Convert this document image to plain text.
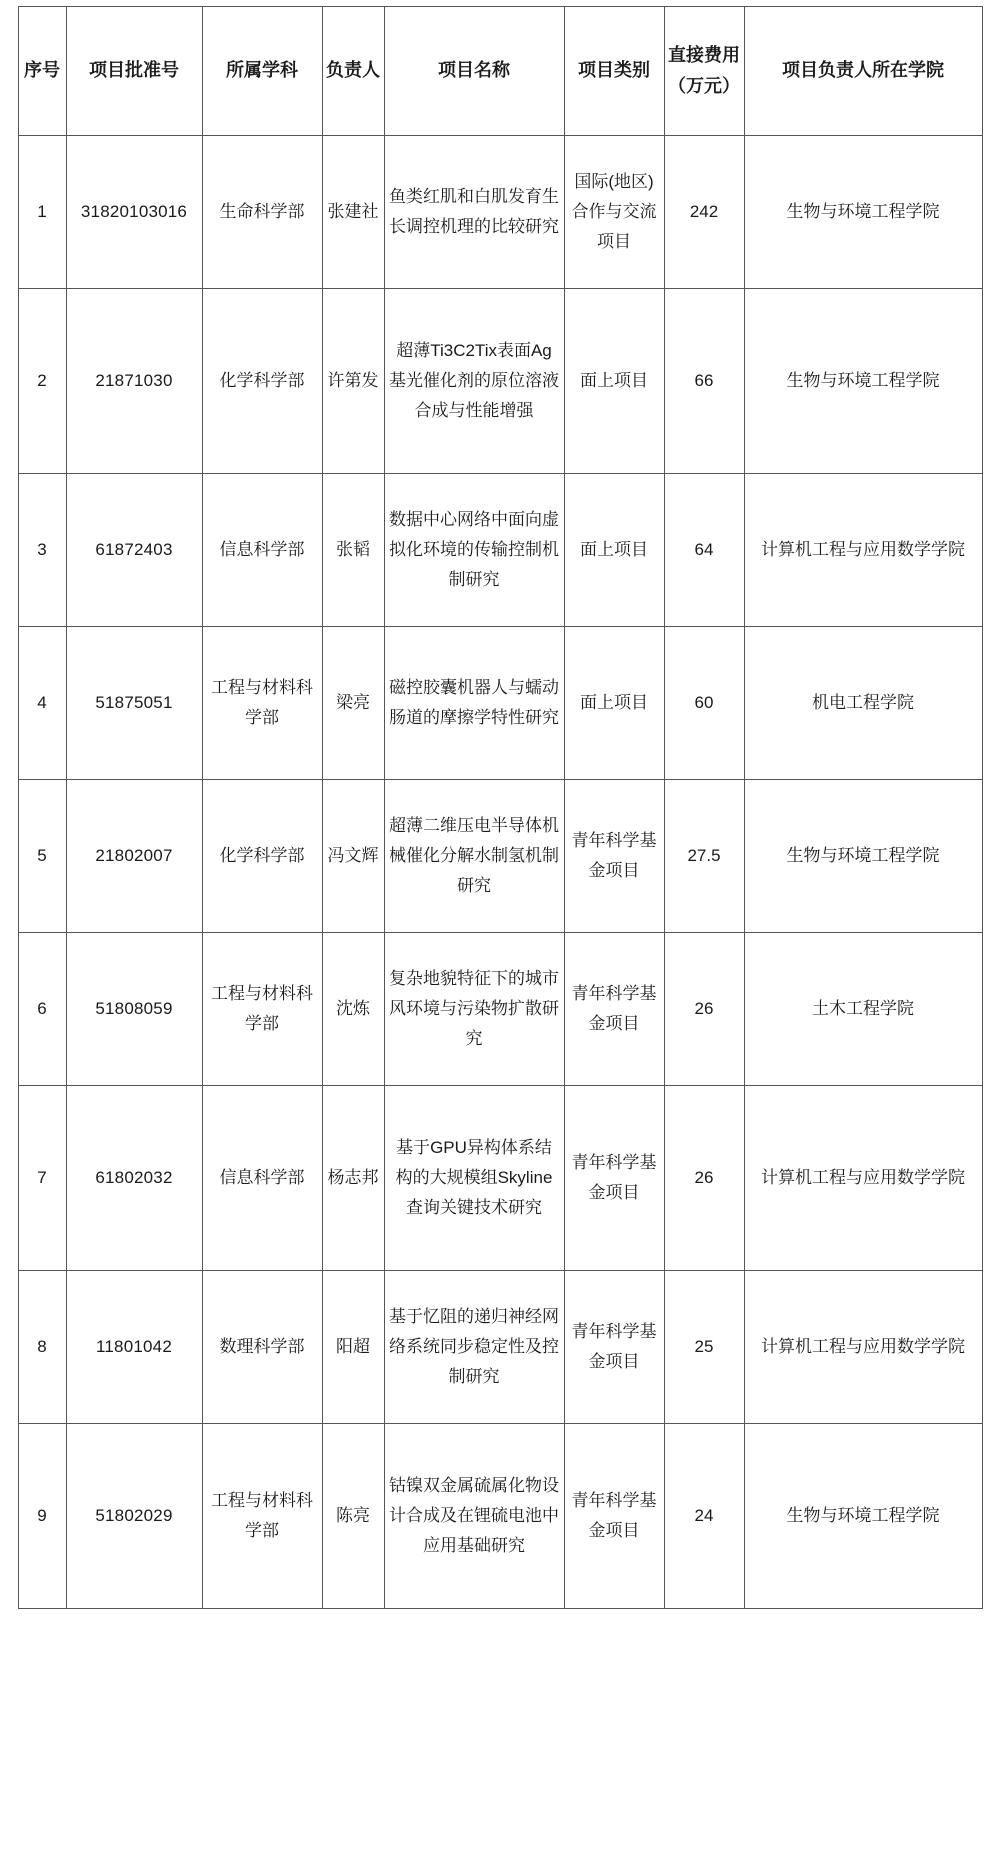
序号	项目批准号	所属学科	负责人	项目名称	项目类别	直接费用（万元）	项目负责人所在学院
1	31820103016	生命科学部	张建社	鱼类红肌和白肌发育生长调控机理的比较研究	国际(地区)合作与交流项目	242	生物与环境工程学院
2	21871030	化学科学部	许第发	超薄Ti3C2Tix表面Ag基光催化剂的原位溶液合成与性能增强	面上项目	66	生物与环境工程学院
3	61872403	信息科学部	张韬	数据中心网络中面向虚拟化环境的传输控制机制研究	面上项目	64	计算机工程与应用数学学院
4	51875051	工程与材料科学部	梁亮	磁控胶囊机器人与蠕动肠道的摩擦学特性研究	面上项目	60	机电工程学院
5	21802007	化学科学部	冯文辉	超薄二维压电半导体机械催化分解水制氢机制研究	青年科学基金项目	27.5	生物与环境工程学院
6	51808059	工程与材料科学部	沈炼	复杂地貌特征下的城市风环境与污染物扩散研究	青年科学基金项目	26	土木工程学院
7	61802032	信息科学部	杨志邦	基于GPU异构体系结构的大规模组Skyline查询关键技术研究	青年科学基金项目	26	计算机工程与应用数学学院
8	11801042	数理科学部	阳超	基于忆阻的递归神经网络系统同步稳定性及控制研究	青年科学基金项目	25	计算机工程与应用数学学院
9	51802029	工程与材料科学部	陈亮	钴镍双金属硫属化物设计合成及在锂硫电池中应用基础研究	青年科学基金项目	24	生物与环境工程学院
